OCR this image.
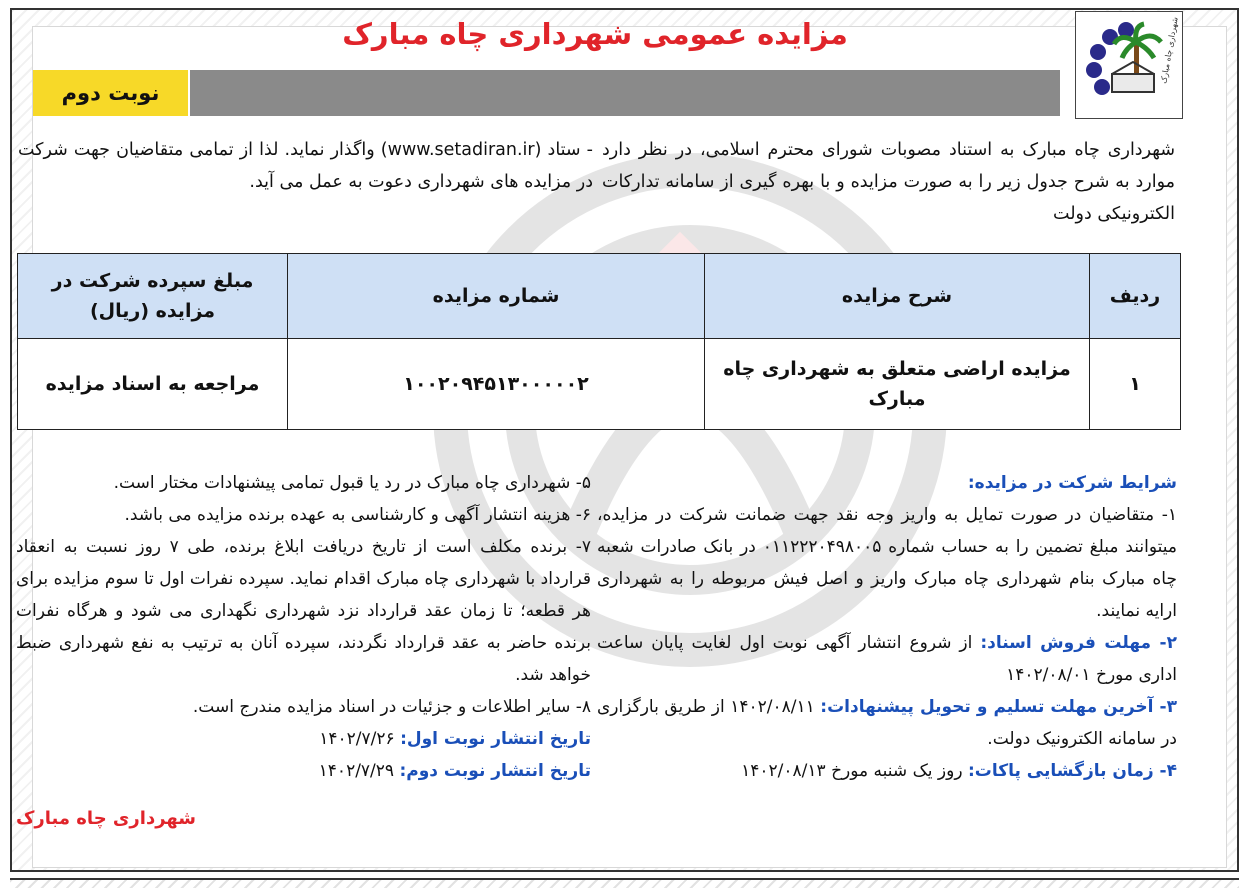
شهرداری چاه مبارک
مزایده عمومی شهرداری چاه مبارک
نوبت دوم

شهرداری چاه مبارک به استناد مصوبات شورای محترم اسلامی، در نظر دارد موارد به شرح جدول زیر را به صورت مزایده و با بهره گیری از سامانه تدارکات الکترونیکی دولت

- ستاد (www.setadiran.ir) واگذار نماید. لذا از تمامی متقاضیان جهت شرکت در مزایده های شهرداری دعوت به عمل می آید.

ردیف	شرح مزایده	شماره مزایده	مبلغ سپرده شرکت در مزایده (ریال)
۱	مزایده اراضی متعلق به شهرداری چاه مبارک	۱۰۰۲۰۹۴۵۱۳۰۰۰۰۰۲	مراجعه به اسناد مزایده

شرایط شرکت در مزایده:

۱- متقاضیان در صورت تمایل به واریز وجه نقد جهت ضمانت شرکت در مزایده، میتوانند مبلغ تضمین را به حساب شماره ۰۱۱۲۲۲۰۴۹۸۰۰۵ در بانک صادرات شعبه چاه مبارک بنام شهرداری چاه مبارک واریز و اصل فیش مربوطه را به شهرداری ارایه نمایند.

۲- مهلت فروش اسناد: از شروع انتشار آگهی نوبت اول لغایت پایان ساعت اداری مورخ ۱۴۰۲/۰۸/۰۱

۳- آخرین مهلت تسلیم و تحویل پیشنهادات: ۱۴۰۲/۰۸/۱۱ از طریق بارگزاری در سامانه الکترونیک دولت.

۴- زمان بازگشایی پاکات: روز یک شنبه مورخ ۱۴۰۲/۰۸/۱۳

۵- شهرداری چاه مبارک در رد یا قبول تمامی پیشنهادات مختار است.

۶- هزینه انتشار آگهی و کارشناسی به عهده برنده مزایده می باشد.

۷- برنده مکلف است از تاریخ دریافت ابلاغ برنده، طی ۷ روز نسبت به انعقاد قرارداد با شهرداری چاه مبارک اقدام نماید. سپرده نفرات اول تا سوم مزایده برای هر قطعه؛ تا زمان عقد قرارداد نزد شهرداری نگهداری می شود و هرگاه نفرات برنده حاضر به عقد قرارداد نگردند، سپرده آنان به ترتیب به نفع شهرداری ضبط خواهد شد.

۸- سایر اطلاعات و جزئیات در اسناد مزایده مندرج است.

تاریخ انتشار نوبت اول: ۱۴۰۲/۷/۲۶

تاریخ انتشار نوبت دوم: ۱۴۰۲/۷/۲۹

شهرداری چاه مبارک
